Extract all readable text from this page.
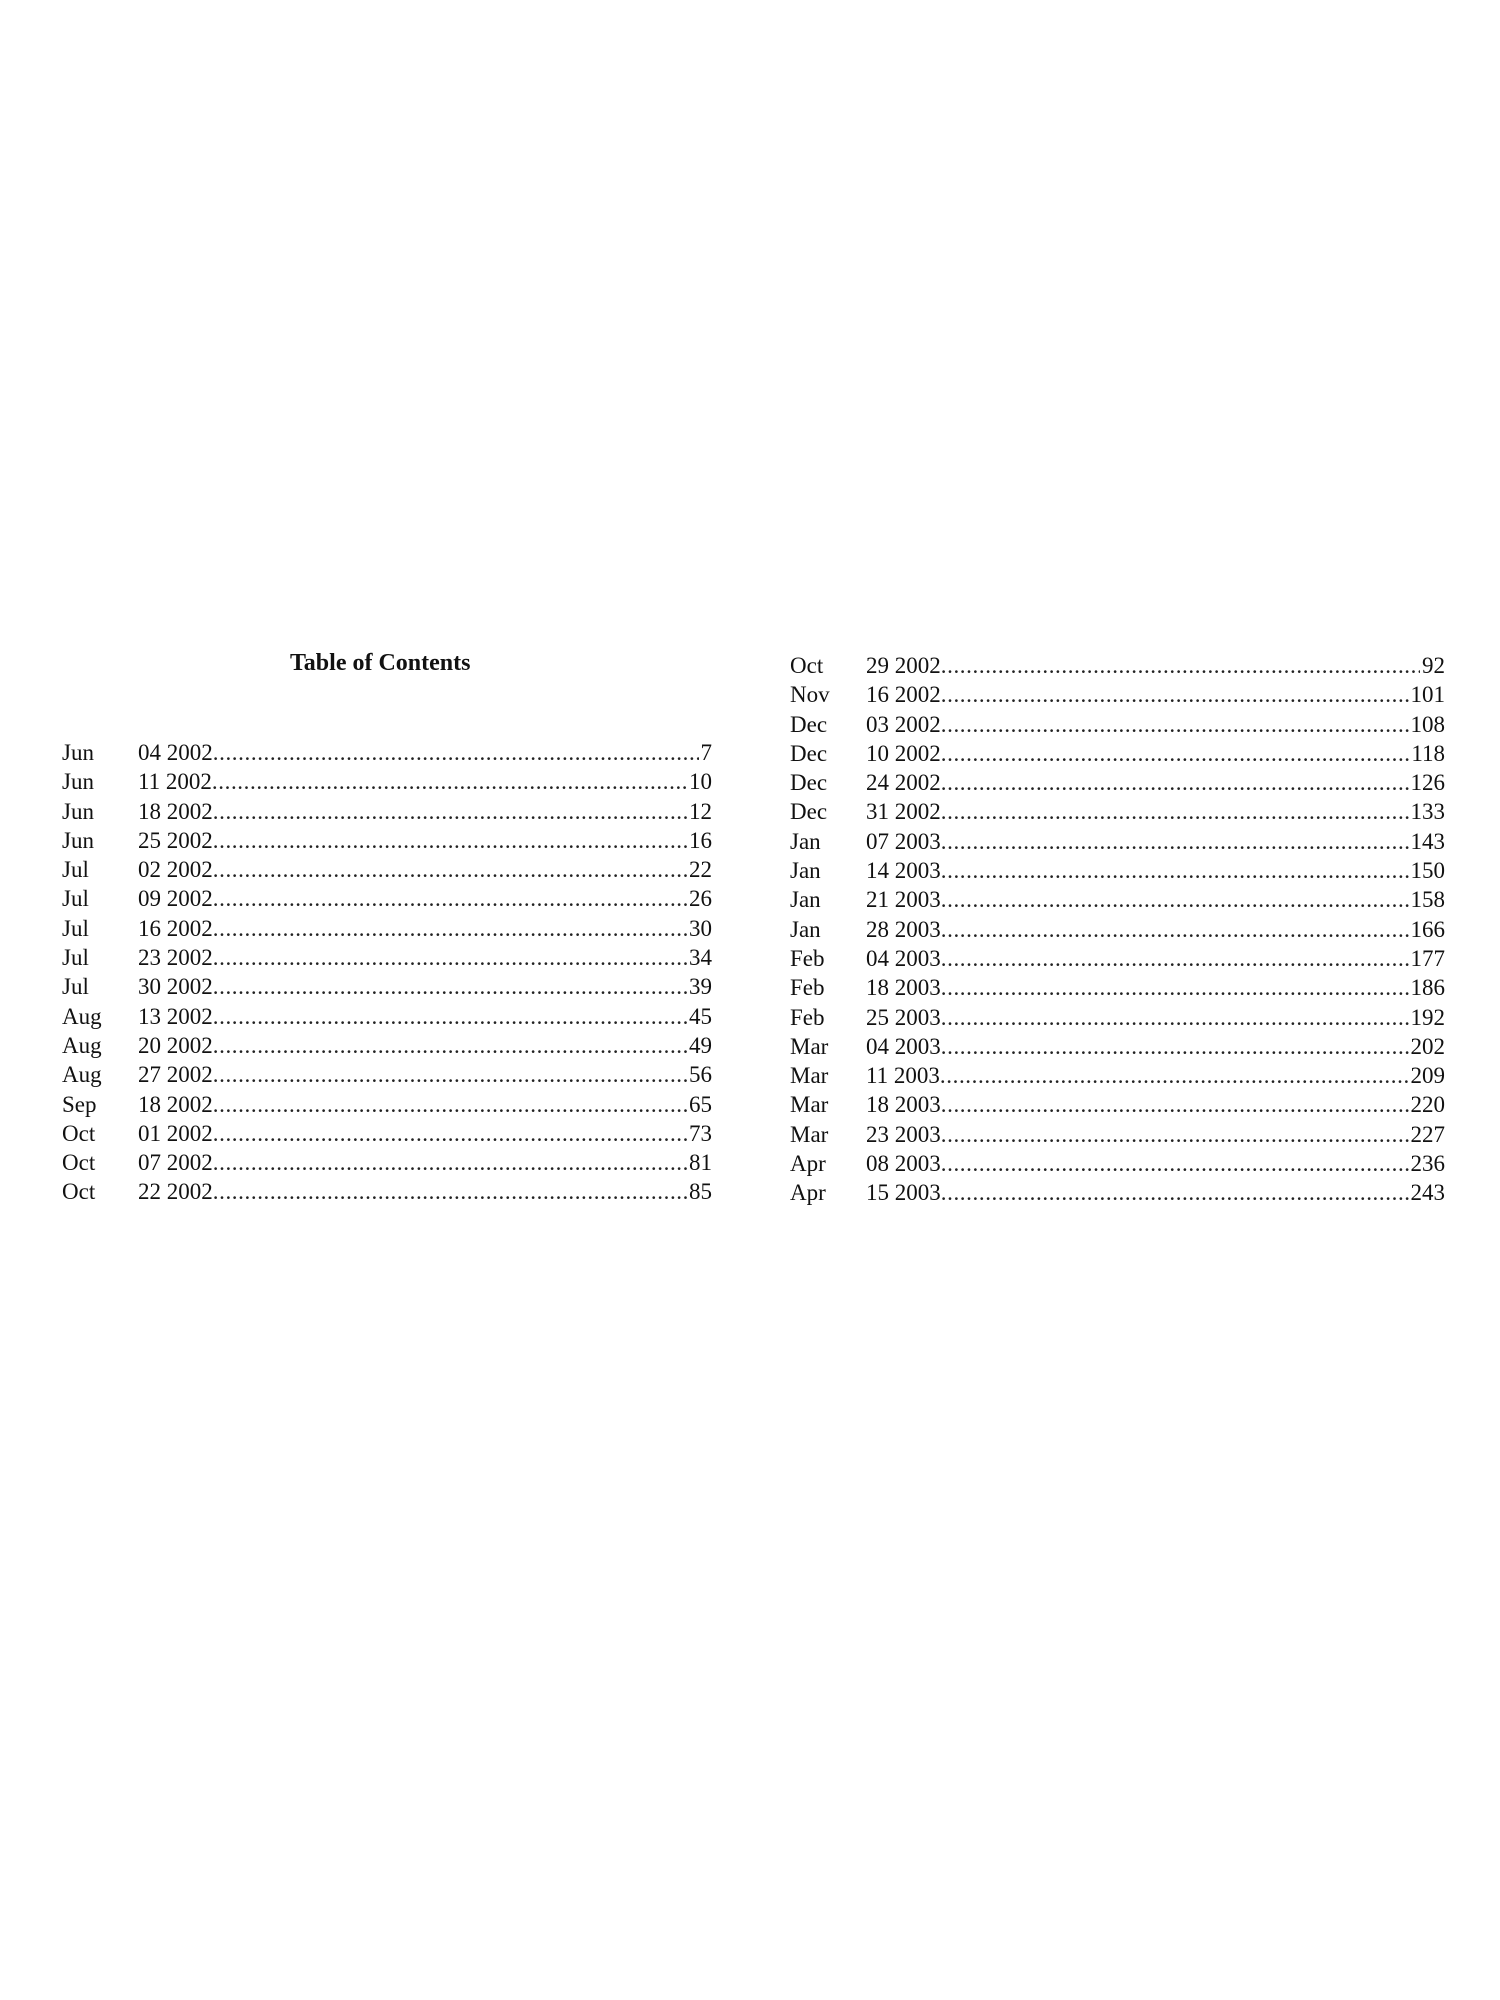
Table of Contents
Jun	04 2002 .....	7
Jun	11 2002 .....	10
Jun	18 2002 .....	12
Jun	25 2002 .....	16
Jul	02 2002 .....	22
Jul	09 2002 .....	26
Jul	16 2002 .....	30
Jul	23 2002 .....	34
Jul	30 2002 .....	39
Aug	13 2002 .....	45
Aug	20 2002 .....	49
Aug	27 2002 .....	56
Sep	18 2002 .....	65
Oct	01 2002 .....	73
Oct	07 2002 .....	81
Oct	22 2002 .....	85
Oct	29 2002 .....	92
Nov	16 2002 .....	101
Dec	03 2002 .....	108
Dec	10 2002 .....	118
Dec	24 2002 .....	126
Dec	31 2002 .....	133
Jan	07 2003 .....	143
Jan	14 2003 .....	150
Jan	21 2003 .....	158
Jan	28 2003 .....	166
Feb	04 2003 .....	177
Feb	18 2003 .....	186
Feb	25 2003 .....	192
Mar	04 2003 .....	202
Mar	11 2003 .....	209
Mar	18 2003 .....	220
Mar	23 2003 .....	227
Apr	08 2003 .....	236
Apr	15 2003 .....	243
